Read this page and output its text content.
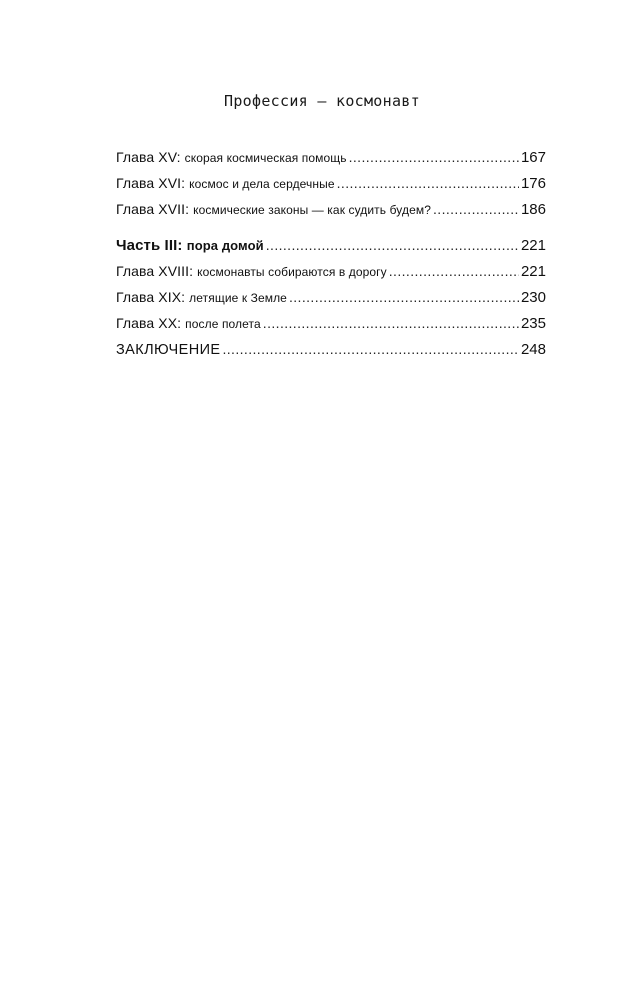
Профессия – космонавт
Глава XV: скорая космическая помощь .....	167
Глава XVI: космос и дела сердечные .....	176
Глава XVII: космические законы — как судить будем? .....	186
Часть III: пора домой .....	221
Глава XVIII: космонавты собираются в дорогу .....	221
Глава XIX: летящие к Земле .....	230
Глава XX: после полета .....	235
ЗАКЛЮЧЕНИЕ .....	248
